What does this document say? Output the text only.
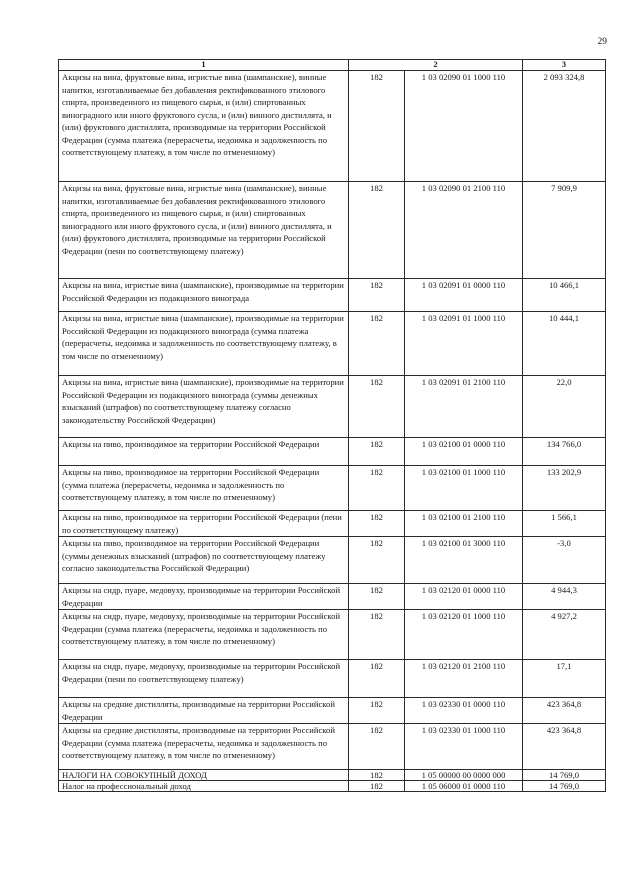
29
1	2		3
Акцизы на вина, фруктовые вина, игристые вина (шампанские), винные напитки, изготавливаемые без добавления ректификованного этилового спирта, произведенного из пищевого сырья, и (или) спиртованных виноградного или иного фруктового сусла, и (или) винного дистиллята, и (или) фруктового дистиллята, производимые на территории Российской Федерации (сумма платежа (перерасчеты, недоимка и задолженность по соответствующему платежу, в том числе по отмененному)	182	1 03 02090 01 1000 110	2 093 324,8
Акцизы на вина, фруктовые вина, игристые вина (шампанские), винные напитки, изготавливаемые без добавления ректификованного этилового спирта, произведенного из пищевого сырья, и (или) спиртованных виноградного или иного фруктового сусла, и (или) винного дистиллята, и (или) фруктового дистиллята, производимые на территории Российской Федерации (пени по соответствующему платежу)	182	1 03 02090 01 2100 110	7 909,9
Акцизы на вина, игристые вина (шампанские), производимые на территории Российской Федерации из подакцизного винограда	182	1 03 02091 01 0000 110	10 466,1
Акцизы на вина, игристые вина (шампанские), производимые на территории Российской Федерации из подакцизного винограда (сумма платежа (перерасчеты, недоимка и задолженность по соответствующему платежу, в том числе по отмененному)	182	1 03 02091 01 1000 110	10 444,1
Акцизы на вина, игристые вина (шампанские), производимые на территории Российской Федерации из подакцизного винограда (суммы денежных взысканий (штрафов) по соответствующему платежу согласно законодательству Российской Федерации)	182	1 03 02091 01 2100 110	22,0
Акцизы на пиво, производимое на территории Российской Федерации	182	1 03 02100 01 0000 110	134 766,0
Акцизы на пиво, производимое на территории Российской Федерации (сумма платежа (перерасчеты, недоимка и задолженность по соответствующему платежу, в том числе по отмененному)	182	1 03 02100 01 1000 110	133 202,9
Акцизы на пиво, производимое на территории Российской Федерации (пени по соответствующему платежу)	182	1 03 02100 01 2100 110	1 566,1
Акцизы на пиво, производимое на территории Российской Федерации (суммы денежных взысканий (штрафов) по соответствующему платежу согласно законодательства Российской Федерации)	182	1 03 02100 01 3000 110	-3,0
Акцизы на сидр, пуаре, медовуху, производимые на территории Российской Федерации	182	1 03 02120 01 0000 110	4 944,3
Акцизы на сидр, пуаре, медовуху, производимые на территории Российской Федерации (сумма платежа (перерасчеты, недоимка и задолженность по соответствующему платежу, в том числе по отмененному)	182	1 03 02120 01 1000 110	4 927,2
Акцизы на сидр, пуаре, медовуху, производимые на территории Российской Федерации (пени по соответствующему платежу)	182	1 03 02120 01 2100 110	17,1
Акцизы на средние дистилляты, производимые на территории Российской Федерации	182	1 03 02330 01 0000 110	423 364,8
Акцизы на средние дистилляты, производимые на территории Российской Федерации (сумма платежа (перерасчеты, недоимка и задолженность по соответствующему платежу, в том числе по отмененному)	182	1 03 02330 01 1000 110	423 364,8
НАЛОГИ НА СОВОКУПНЫЙ ДОХОД	182	1 05 00000 00 0000 000	14 769,0
Налог на профессиональный доход	182	1 05 06000 01 0000 110	14 769,0
